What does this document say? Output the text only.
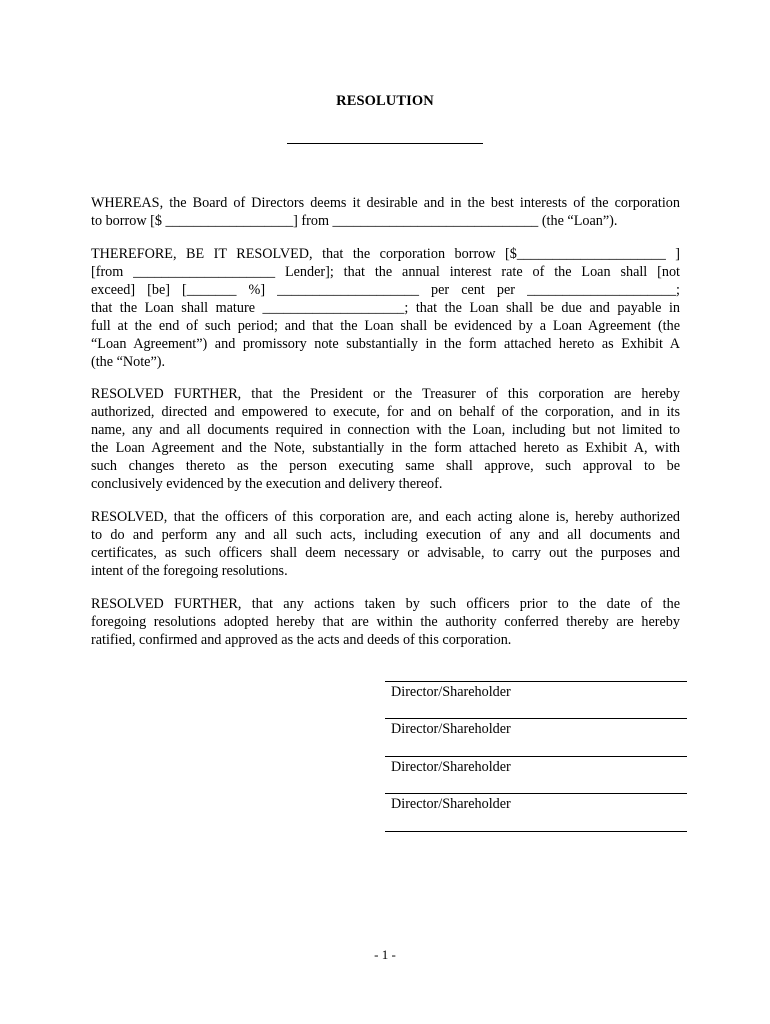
RESOLUTION
WHEREAS, the Board of Directors deems it desirable and in the best interests of the corporation
to borrow [$ __________________] from _____________________________ (the “Loan”).
THEREFORE, BE IT RESOLVED, that the corporation borrow [$_____________________ ]
[from ____________________ Lender]; that the annual interest rate of the Loan shall [not
exceed] [be] [_______ %] ____________________ per cent per _____________________;
that the Loan shall mature ____________________; that the Loan shall be due and payable in
full at the end of such period; and that the Loan shall be evidenced by a Loan Agreement (the
“Loan Agreement”) and promissory note substantially in the form attached hereto as Exhibit A
(the “Note”).
RESOLVED FURTHER, that the President or the Treasurer of this corporation are hereby
authorized, directed and empowered to execute, for and on behalf of the corporation, and in its
name, any and all documents required in connection with the Loan, including but not limited to
the Loan Agreement and the Note, substantially in the form attached hereto as Exhibit A, with
such changes thereto as the person executing same shall approve, such approval to be
conclusively evidenced by the execution and delivery thereof.
RESOLVED, that the officers of this corporation are, and each acting alone is, hereby authorized
to do and perform any and all such acts, including execution of any and all documents and
certificates, as such officers shall deem necessary or advisable, to carry out the purposes and
intent of the foregoing resolutions.
RESOLVED FURTHER, that any actions taken by such officers prior to the date of the
foregoing resolutions adopted hereby that are within the authority conferred thereby are hereby
ratified, confirmed and approved as the acts and deeds of this corporation.
Director/Shareholder
Director/Shareholder
Director/Shareholder
Director/Shareholder
- 1 -
